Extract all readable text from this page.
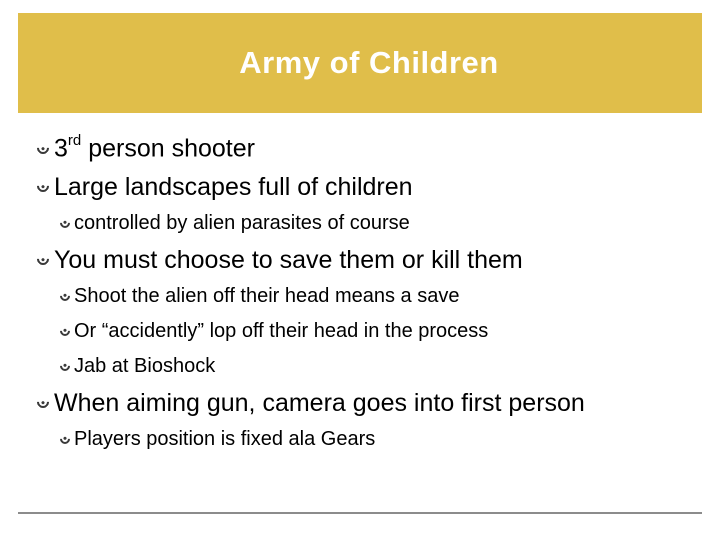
Army of Children
3rd person shooter
Large landscapes full of children
controlled by alien parasites of course
You must choose to save them or kill them
Shoot the alien off their head means a save
Or “accidently” lop off their head in the process
Jab at Bioshock
When aiming gun, camera goes into first person
Players position is fixed ala Gears
